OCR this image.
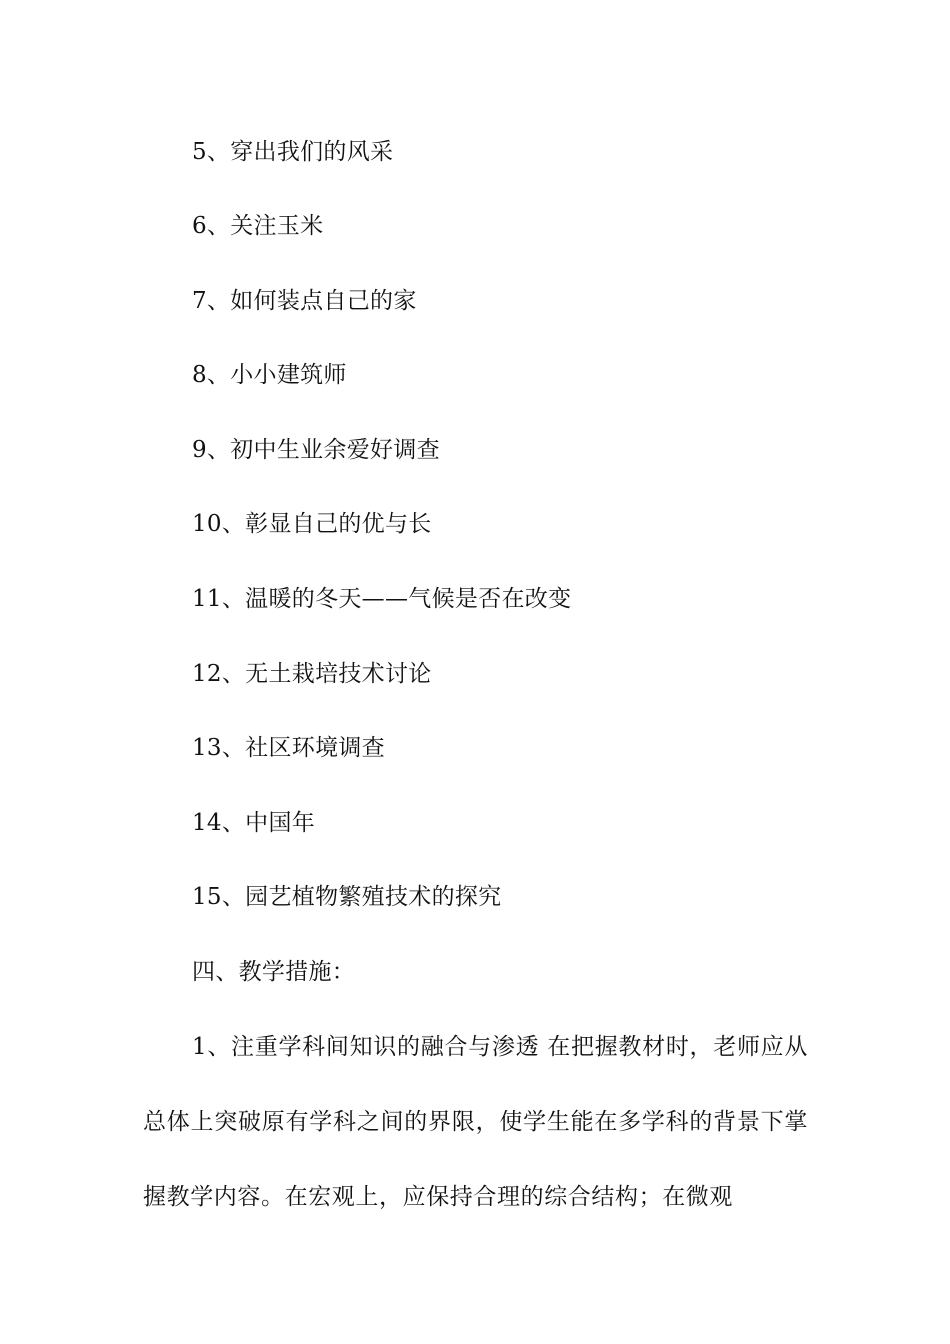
5、穿出我们的风采
6、关注玉米
7、如何装点自己的家
8、小小建筑师
9、初中生业余爱好调查
10、彰显自己的优与长
11、温暖的冬天——气候是否在改变
12、无土栽培技术讨论
13、社区环境调查
14、中国年
15、园艺植物繁殖技术的探究
四、教学措施：
1、注重学科间知识的融合与渗透 在把握教材时，老师应从总体上突破原有学科之间的界限，使学生能在多学科的背景下掌握教学内容。在宏观上，应保持合理的综合结构；在微观
